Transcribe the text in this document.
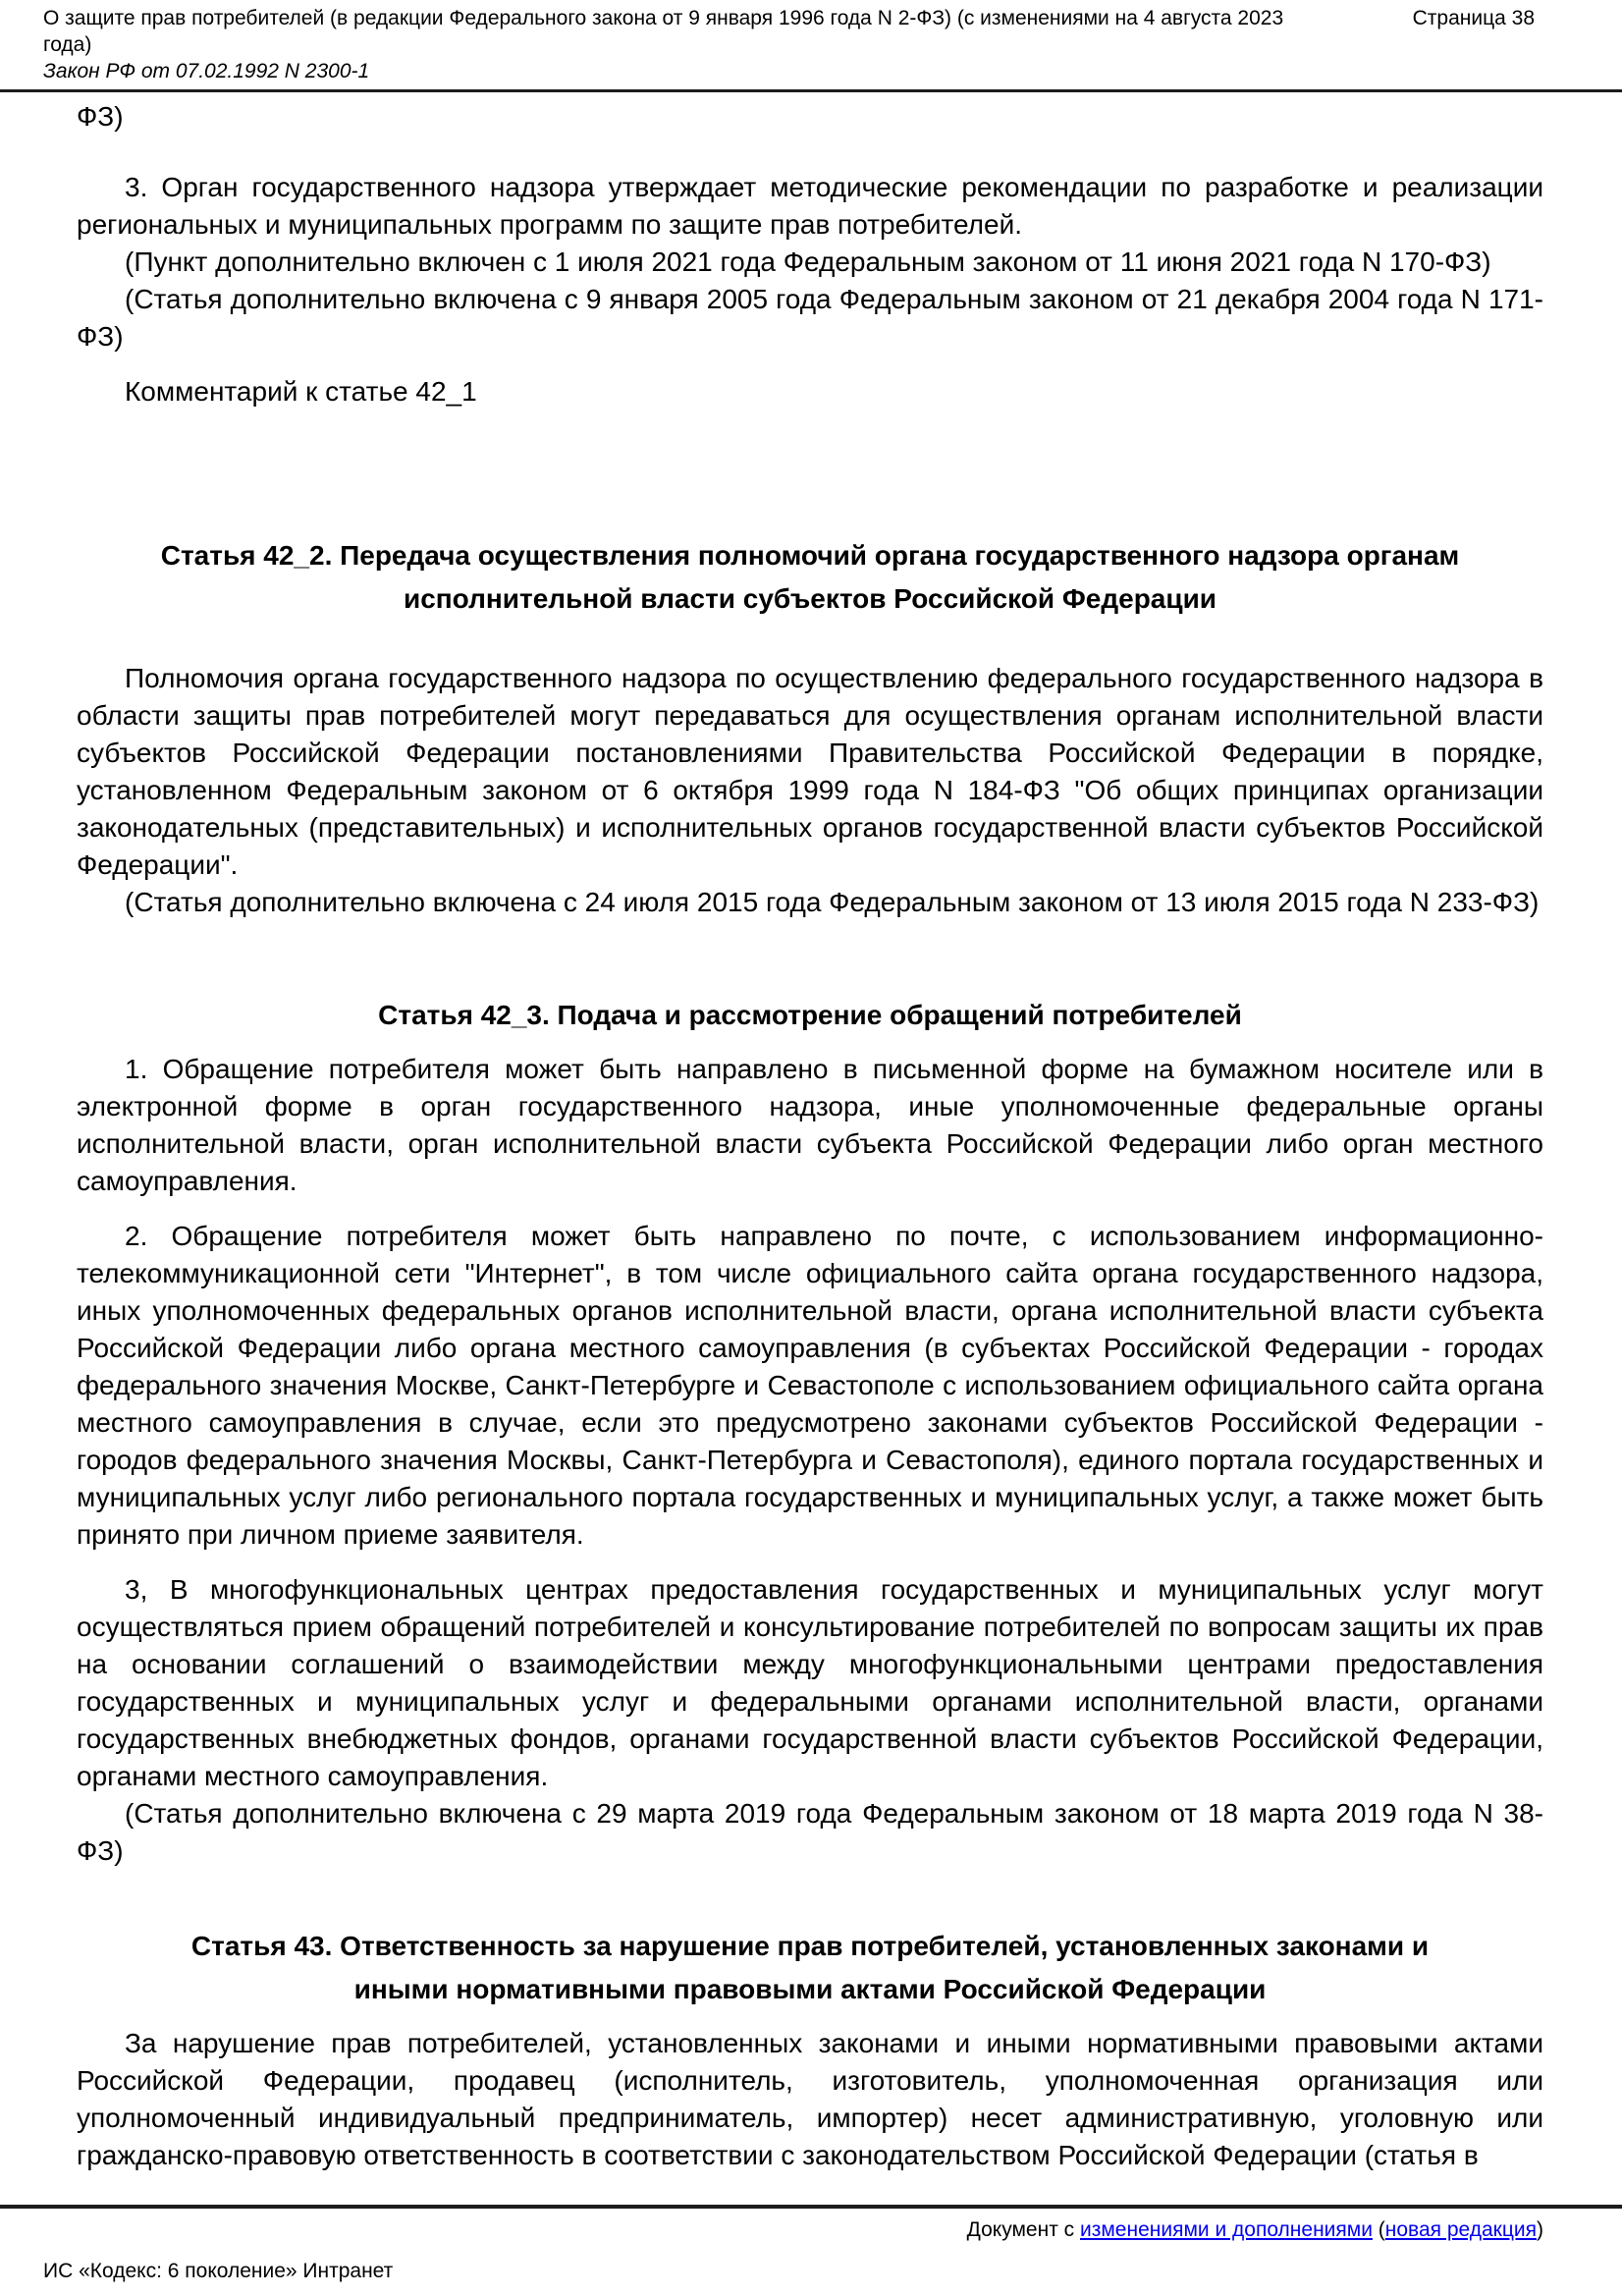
О защите прав потребителей (в редакции Федерального закона от 9 января 1996 года N 2-ФЗ) (с изменениями на 4 августа 2023 года)
Страница 38
Закон РФ от 07.02.1992 N 2300-1

ФЗ)

3. Орган государственного надзора утверждает методические рекомендации по разработке и реализации региональных и муниципальных программ по защите прав потребителей.

(Пункт дополнительно включен с 1 июля 2021 года Федеральным законом от 11 июня 2021 года N 170-ФЗ)

(Статья дополнительно включена с 9 января 2005 года Федеральным законом от 21 декабря 2004 года N 171-ФЗ)

Комментарий к статье 42_1

Статья 42_2. Передача осуществления полномочий органа государственного надзора органам исполнительной власти субъектов Российской Федерации

Полномочия органа государственного надзора по осуществлению федерального государственного надзора в области защиты прав потребителей могут передаваться для осуществления органам исполнительной власти субъектов Российской Федерации постановлениями Правительства Российской Федерации в порядке, установленном Федеральным законом от 6 октября 1999 года N 184-ФЗ "Об общих принципах организации законодательных (представительных) и исполнительных органов государственной власти субъектов Российской Федерации".

(Статья дополнительно включена с 24 июля 2015 года Федеральным законом от 13 июля 2015 года N 233-ФЗ)

Статья 42_3. Подача и рассмотрение обращений потребителей

1. Обращение потребителя может быть направлено в письменной форме на бумажном носителе или в электронной форме в орган государственного надзора, иные уполномоченные федеральные органы исполнительной власти, орган исполнительной власти субъекта Российской Федерации либо орган местного самоуправления.

2. Обращение потребителя может быть направлено по почте, с использованием информационно-телекоммуникационной сети "Интернет", в том числе официального сайта органа государственного надзора, иных уполномоченных федеральных органов исполнительной власти, органа исполнительной власти субъекта Российской Федерации либо органа местного самоуправления (в субъектах Российской Федерации - городах федерального значения Москве, Санкт-Петербурге и Севастополе с использованием официального сайта органа местного самоуправления в случае, если это предусмотрено законами субъектов Российской Федерации - городов федерального значения Москвы, Санкт-Петербурга и Севастополя), единого портала государственных и муниципальных услуг либо регионального портала государственных и муниципальных услуг, а также может быть принято при личном приеме заявителя.

3, В многофункциональных центрах предоставления государственных и муниципальных услуг могут осуществляться прием обращений потребителей и консультирование потребителей по вопросам защиты их прав на основании соглашений о взаимодействии между многофункциональными центрами предоставления государственных и муниципальных услуг и федеральными органами исполнительной власти, органами государственных внебюджетных фондов, органами государственной власти субъектов Российской Федерации, органами местного самоуправления.

(Статья дополнительно включена с 29 марта 2019 года Федеральным законом от 18 марта 2019 года N 38-ФЗ)

Статья 43. Ответственность за нарушение прав потребителей, установленных законами и иными нормативными правовыми актами Российской Федерации

За нарушение прав потребителей, установленных законами и иными нормативными правовыми актами Российской Федерации, продавец (исполнитель, изготовитель, уполномоченная организация или уполномоченный индивидуальный предприниматель, импортер) несет административную, уголовную или гражданско-правовую ответственность в соответствии с законодательством Российской Федерации (статья в

Документ с изменениями и дополнениями (новая редакция)
ИС «Кодекс: 6 поколение» Интранет
